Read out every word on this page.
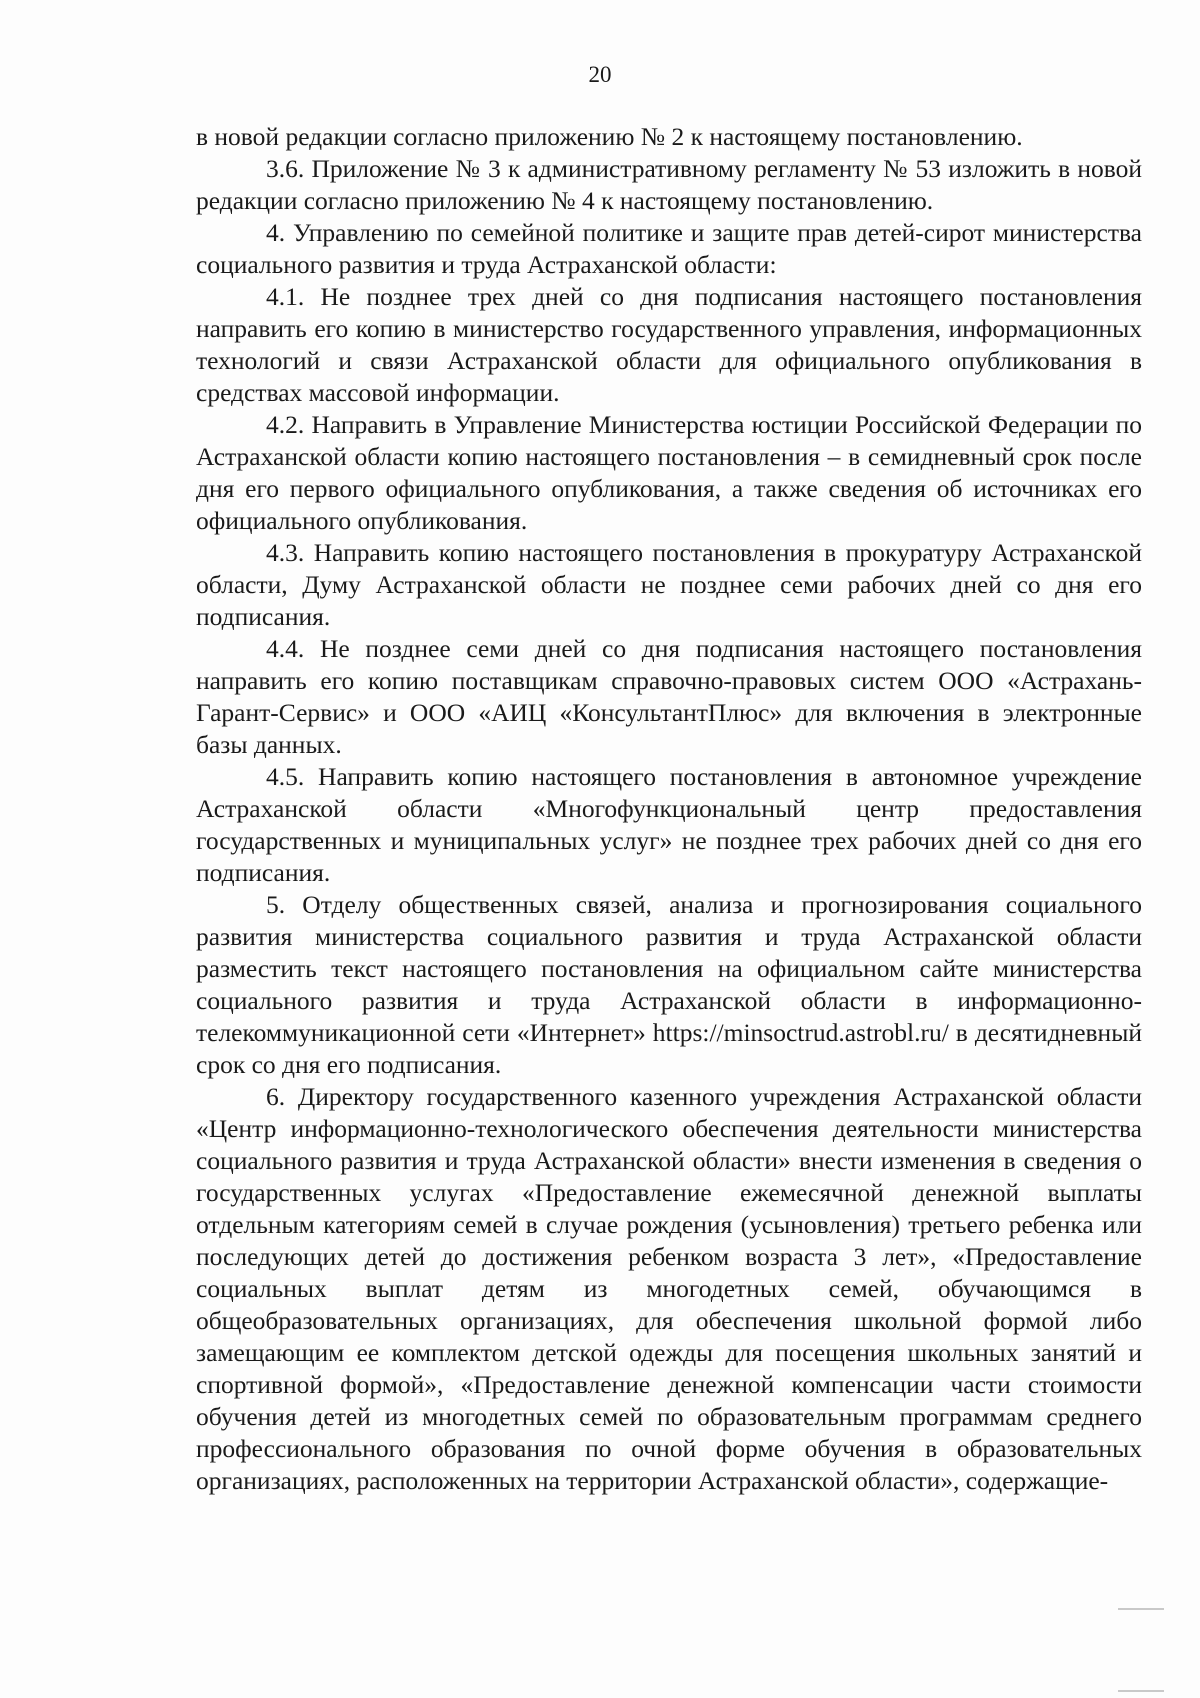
20

в новой редакции согласно приложению № 2 к настоящему постановлению.

3.6. Приложение № 3 к административному регламенту № 53 изложить в новой редакции согласно приложению № 4 к настоящему постановлению.

4. Управлению по семейной политике и защите прав детей-сирот министерства социального развития и труда Астраханской области:

4.1. Не позднее трех дней со дня подписания настоящего постановления направить его копию в министерство государственного управления, информационных технологий и связи Астраханской области для официального опубликования в средствах массовой информации.

4.2. Направить в Управление Министерства юстиции Российской Федерации по Астраханской области копию настоящего постановления – в семидневный срок после дня его первого официального опубликования, а также сведения об источниках его официального опубликования.

4.3. Направить копию настоящего постановления в прокуратуру Астраханской области, Думу Астраханской области не позднее семи рабочих дней со дня его подписания.

4.4. Не позднее семи дней со дня подписания настоящего постановления направить его копию поставщикам справочно-правовых систем ООО «Астрахань-Гарант-Сервис» и ООО «АИЦ «КонсультантПлюс» для включения в электронные базы данных.

4.5. Направить копию настоящего постановления в автономное учреждение Астраханской области «Многофункциональный центр предоставления государственных и муниципальных услуг» не позднее трех рабочих дней со дня его подписания.

5. Отделу общественных связей, анализа и прогнозирования социального развития министерства социального развития и труда Астраханской области разместить текст настоящего постановления на официальном сайте министерства социального развития и труда Астраханской области в информационно-телекоммуникационной сети «Интернет» https://minsoctrud.astrobl.ru/ в десятидневный срок со дня его подписания.

6. Директору государственного казенного учреждения Астраханской области «Центр информационно-технологического обеспечения деятельности министерства социального развития и труда Астраханской области» внести изменения в сведения о государственных услугах «Предоставление ежемесячной денежной выплаты отдельным категориям семей в случае рождения (усыновления) третьего ребенка или последующих детей до достижения ребенком возраста 3 лет», «Предоставление социальных выплат детям из многодетных семей, обучающимся в общеобразовательных организациях, для обеспечения школьной формой либо замещающим ее комплектом детской одежды для посещения школьных занятий и спортивной формой», «Предоставление денежной компенсации части стоимости обучения детей из многодетных семей по образовательным программам среднего профессионального образования по очной форме обучения в образовательных организациях, расположенных на территории Астраханской области», содержащие-
